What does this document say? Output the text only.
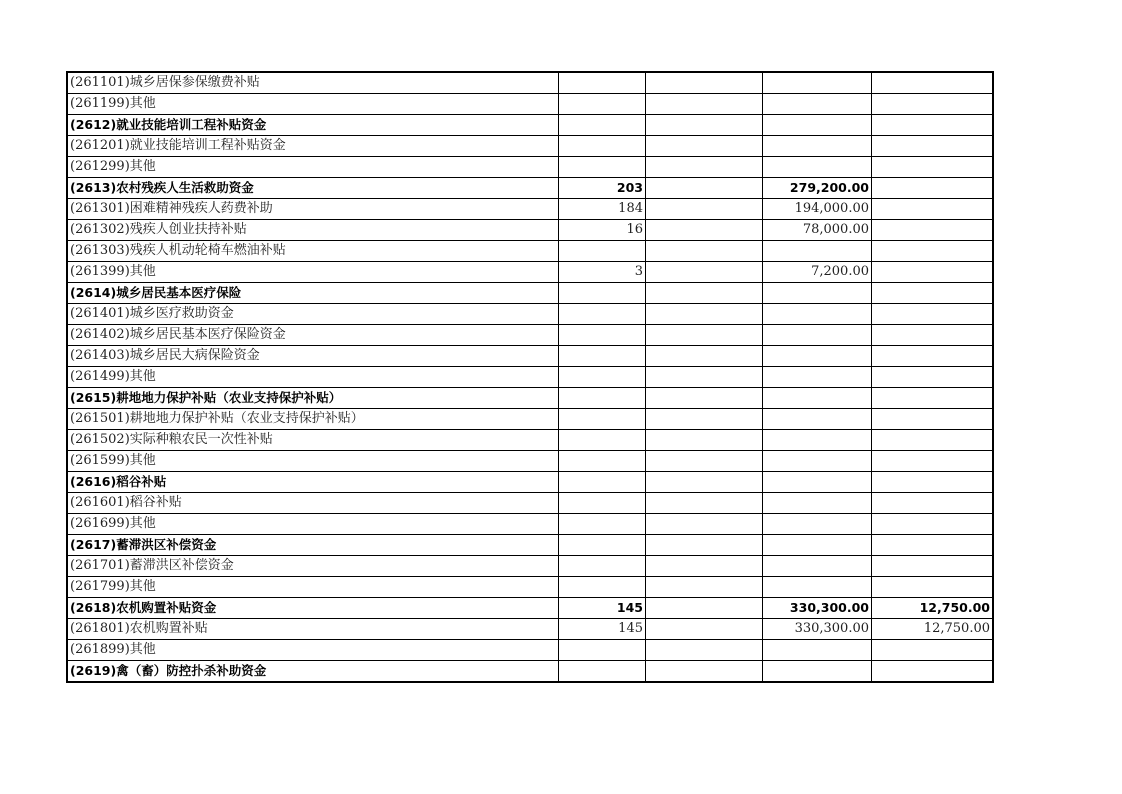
(261101)城乡居保参保缴费补贴				
(261199)其他				
(2612)就业技能培训工程补贴资金				
(261201)就业技能培训工程补贴资金				
(261299)其他				
(2613)农村残疾人生活救助资金	203		279,200.00	
(261301)困难精神残疾人药费补助	184		194,000.00	
(261302)残疾人创业扶持补贴	16		78,000.00	
(261303)残疾人机动轮椅车燃油补贴				
(261399)其他	3		7,200.00	
(2614)城乡居民基本医疗保险				
(261401)城乡医疗救助资金				
(261402)城乡居民基本医疗保险资金				
(261403)城乡居民大病保险资金				
(261499)其他				
(2615)耕地地力保护补贴（农业支持保护补贴）				
(261501)耕地地力保护补贴（农业支持保护补贴）				
(261502)实际种粮农民一次性补贴				
(261599)其他				
(2616)稻谷补贴				
(261601)稻谷补贴				
(261699)其他				
(2617)蓄滞洪区补偿资金				
(261701)蓄滞洪区补偿资金				
(261799)其他				
(2618)农机购置补贴资金	145		330,300.00	12,750.00
(261801)农机购置补贴	145		330,300.00	12,750.00
(261899)其他				
(2619)禽（畜）防控扑杀补助资金				
